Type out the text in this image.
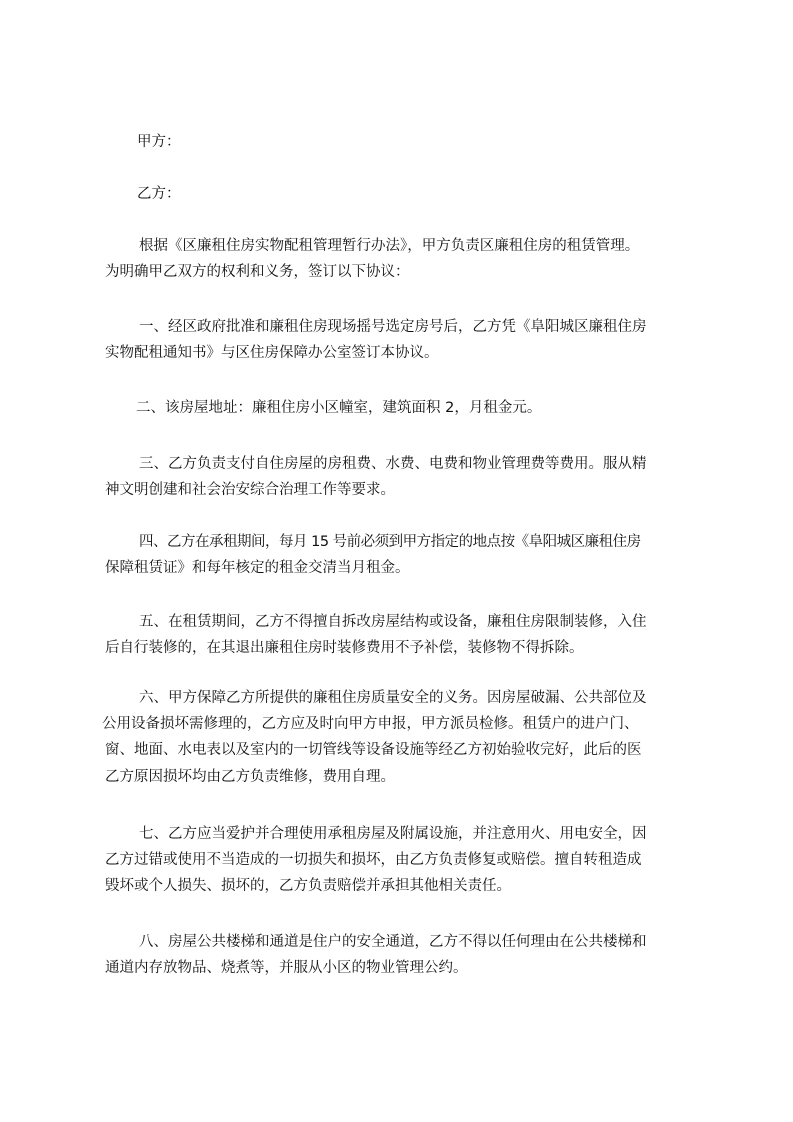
甲方：
乙方：
根据《区廉租住房实物配租管理暂行办法》，甲方负责区廉租住房的租赁管理。
为明确甲乙双方的权利和义务，签订以下协议：
一、经区政府批准和廉租住房现场摇号选定房号后，乙方凭《阜阳城区廉租住房
实物配租通知书》与区住房保障办公室签订本协议。
二、该房屋地址：廉租住房小区幢室，建筑面积 2，月租金元。
三、乙方负责支付自住房屋的房租费、水费、电费和物业管理费等费用。服从精
神文明创建和社会治安综合治理工作等要求。
四、乙方在承租期间，每月 15 号前必须到甲方指定的地点按《阜阳城区廉租住房
保障租赁证》和每年核定的租金交清当月租金。
五、在租赁期间，乙方不得擅自拆改房屋结构或设备，廉租住房限制装修，入住
后自行装修的，在其退出廉租住房时装修费用不予补偿，装修物不得拆除。
六、甲方保障乙方所提供的廉租住房质量安全的义务。因房屋破漏、公共部位及
公用设备损坏需修理的，乙方应及时向甲方申报，甲方派员检修。租赁户的进户门、
窗、地面、水电表以及室内的一切管线等设备设施等经乙方初始验收完好，此后的医
乙方原因损坏均由乙方负责维修，费用自理。
七、乙方应当爱护并合理使用承租房屋及附属设施，并注意用火、用电安全，因
乙方过错或使用不当造成的一切损失和损坏，由乙方负责修复或赔偿。擅自转租造成
毁坏或个人损失、损坏的，乙方负责赔偿并承担其他相关责任。
八、房屋公共楼梯和通道是住户的安全通道，乙方不得以任何理由在公共楼梯和
通道内存放物品、烧煮等，并服从小区的物业管理公约。
